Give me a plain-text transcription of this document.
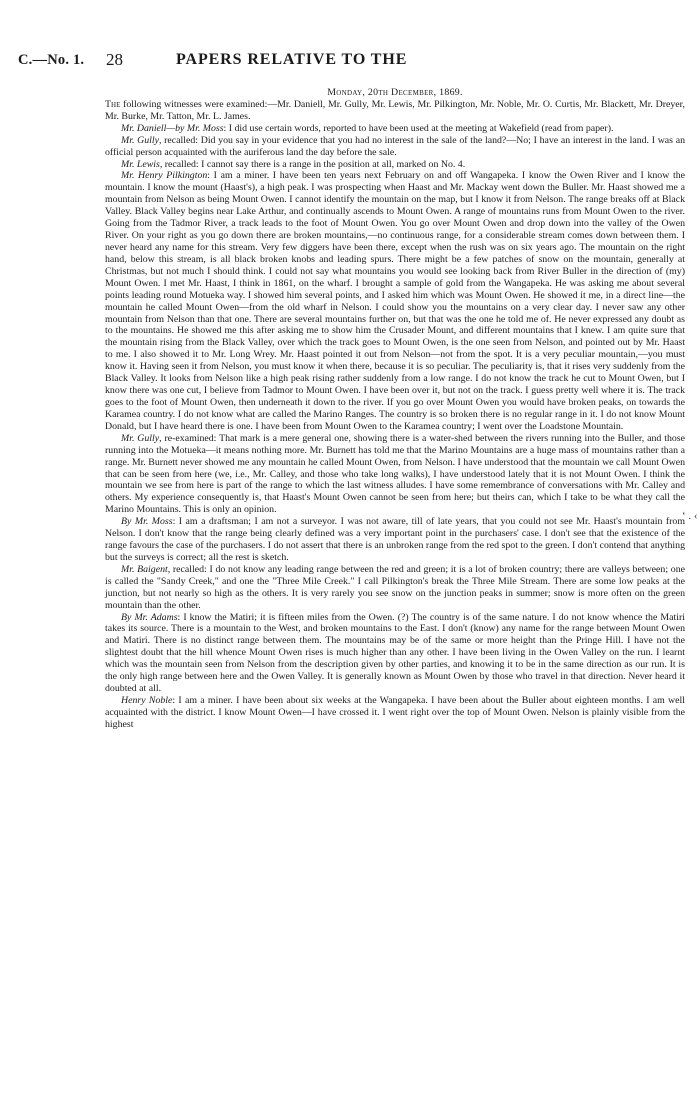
C.—No. 1. 28	PAPERS RELATIVE TO THE

Monday, 20th December, 1869.

The following witnesses were examined:—Mr. Daniell, Mr. Gully, Mr. Lewis, Mr. Pilkington, Mr. Noble, Mr. O. Curtis, Mr. Blackett, Mr. Dreyer, Mr. Burke, Mr. Tatton, Mr. L. James.

Mr. Daniell—by Mr. Moss: I did use certain words, reported to have been used at the meeting at Wakefield (read from paper).

Mr. Gully, recalled: Did you say in your evidence that you had no interest in the sale of the land?—No; I have an interest in the land. I was an official person acquainted with the auriferous land the day before the sale.

Mr. Lewis, recalled: I cannot say there is a range in the position at all, marked on No. 4.

Mr. Henry Pilkington: I am a miner. I have been ten years next February on and off Wangapeka. I know the Owen River and I know the mountain. I know the mount (Haast's), a high peak. I was prospecting when Haast and Mr. Mackay went down the Buller. Mr. Haast showed me a mountain from Nelson as being Mount Owen. I cannot identify the mountain on the map, but I know it from Nelson. The range breaks off at Black Valley. Black Valley begins near Lake Arthur, and continually ascends to Mount Owen. A range of mountains runs from Mount Owen to the river. Going from the Tadmor River, a track leads to the foot of Mount Owen. You go over Mount Owen and drop down into the valley of the Owen River. On your right as you go down there are broken mountains,—no continuous range, for a considerable stream comes down between them. I never heard any name for this stream. Very few diggers have been there, except when the rush was on six years ago. The mountain on the right hand, below this stream, is all black broken knobs and leading spurs. There might be a few patches of snow on the mountain, generally at Christmas, but not much I should think. I could not say what mountains you would see looking back from River Buller in the direction of (my) Mount Owen. I met Mr. Haast, I think in 1861, on the wharf. I brought a sample of gold from the Wangapeka. He was asking me about several points leading round Motueka way. I showed him several points, and I asked him which was Mount Owen. He showed it me, in a direct line—the mountain he called Mount Owen—from the old wharf in Nelson. I could show you the mountains on a very clear day. I never saw any other mountain from Nelson than that one. There are several mountains further on, but that was the one he told me of. He never expressed any doubt as to the mountains. He showed me this after asking me to show him the Crusader Mount, and different mountains that I knew. I am quite sure that the mountain rising from the Black Valley, over which the track goes to Mount Owen, is the one seen from Nelson, and pointed out by Mr. Haast to me. I also showed it to Mr. Long Wrey. Mr. Haast pointed it out from Nelson—not from the spot. It is a very peculiar mountain,—you must know it. Having seen it from Nelson, you must know it when there, because it is so peculiar. The peculiarity is, that it rises very suddenly from the Black Valley. It looks from Nelson like a high peak rising rather suddenly from a low range. I do not know the track he cut to Mount Owen, but I know there was one cut, I believe from Tadmor to Mount Owen. I have been over it, but not on the track. I guess pretty well where it is. The track goes to the foot of Mount Owen, then underneath it down to the river. If you go over Mount Owen you would have broken peaks, on towards the Karamea country. I do not know what are called the Marino Ranges. The country is so broken there is no regular range in it. I do not know Mount Donald, but I have heard there is one. I have been from Mount Owen to the Karamea country; I went over the Loadstone Mountain.

Mr. Gully, re-examined: That mark is a mere general one, showing there is a water-shed between the rivers running into the Buller, and those running into the Motueka—it means nothing more. Mr. Burnett has told me that the Marino Mountains are a huge mass of mountains rather than a range. Mr. Burnett never showed me any mountain he called Mount Owen, from Nelson. I have understood that the mountain we call Mount Owen that can be seen from here (we, i.e., Mr. Calley, and those who take long walks), I have understood lately that it is not Mount Owen. I think the mountain we see from here is part of the range to which the last witness alludes. I have some remembrance of conversations with Mr. Calley and others. My experience consequently is, that Haast's Mount Owen cannot be seen from here; but theirs can, which I take to be what they call the Marino Mountains. This is only an opinion.

By Mr. Moss: I am a draftsman; I am not a surveyor. I was not aware, till of late years, that you could not see Mr. Haast's mountain from Nelson. I don't know that the range being clearly defined was a very important point in the purchasers' case. I don't see that the existence of the range favours the case of the purchasers. I do not assert that there is an unbroken range from the red spot to the green. I don't contend that anything but the surveys is correct; all the rest is sketch.

Mr. Baigent, recalled: I do not know any leading range between the red and green; it is a lot of broken country; there are valleys between; one is called the "Sandy Creek," and one the "Three Mile Creek." I call Pilkington's break the Three Mile Stream. There are some low peaks at the junction, but not nearly so high as the others. It is very rarely you see snow on the junction peaks in summer; snow is more often on the green mountain than the other.

By Mr. Adams: I know the Matiri; it is fifteen miles from the Owen. (?) The country is of the same nature. I do not know whence the Matiri takes its source. There is a mountain to the West, and broken mountains to the East. I don't (know) any name for the range between Mount Owen and Matiri. There is no distinct range between them. The mountains may be of the same or more height than the Pringe Hill. I have not the slightest doubt that the hill whence Mount Owen rises is much higher than any other. I have been living in the Owen Valley on the run. I learnt which was the mountain seen from Nelson from the description given by other parties, and knowing it to be in the same direction as our run. It is the only high range between here and the Owen Valley. It is generally known as Mount Owen by those who travel in that direction. Never heard it doubted at all.

Henry Noble: I am a miner. I have been about six weeks at the Wangapeka. I have been about the Buller about eighteen months. I am well acquainted with the district. I know Mount Owen—I have crossed it. I went right over the top of Mount Owen. Nelson is plainly visible from the highest

‘ . ‹
